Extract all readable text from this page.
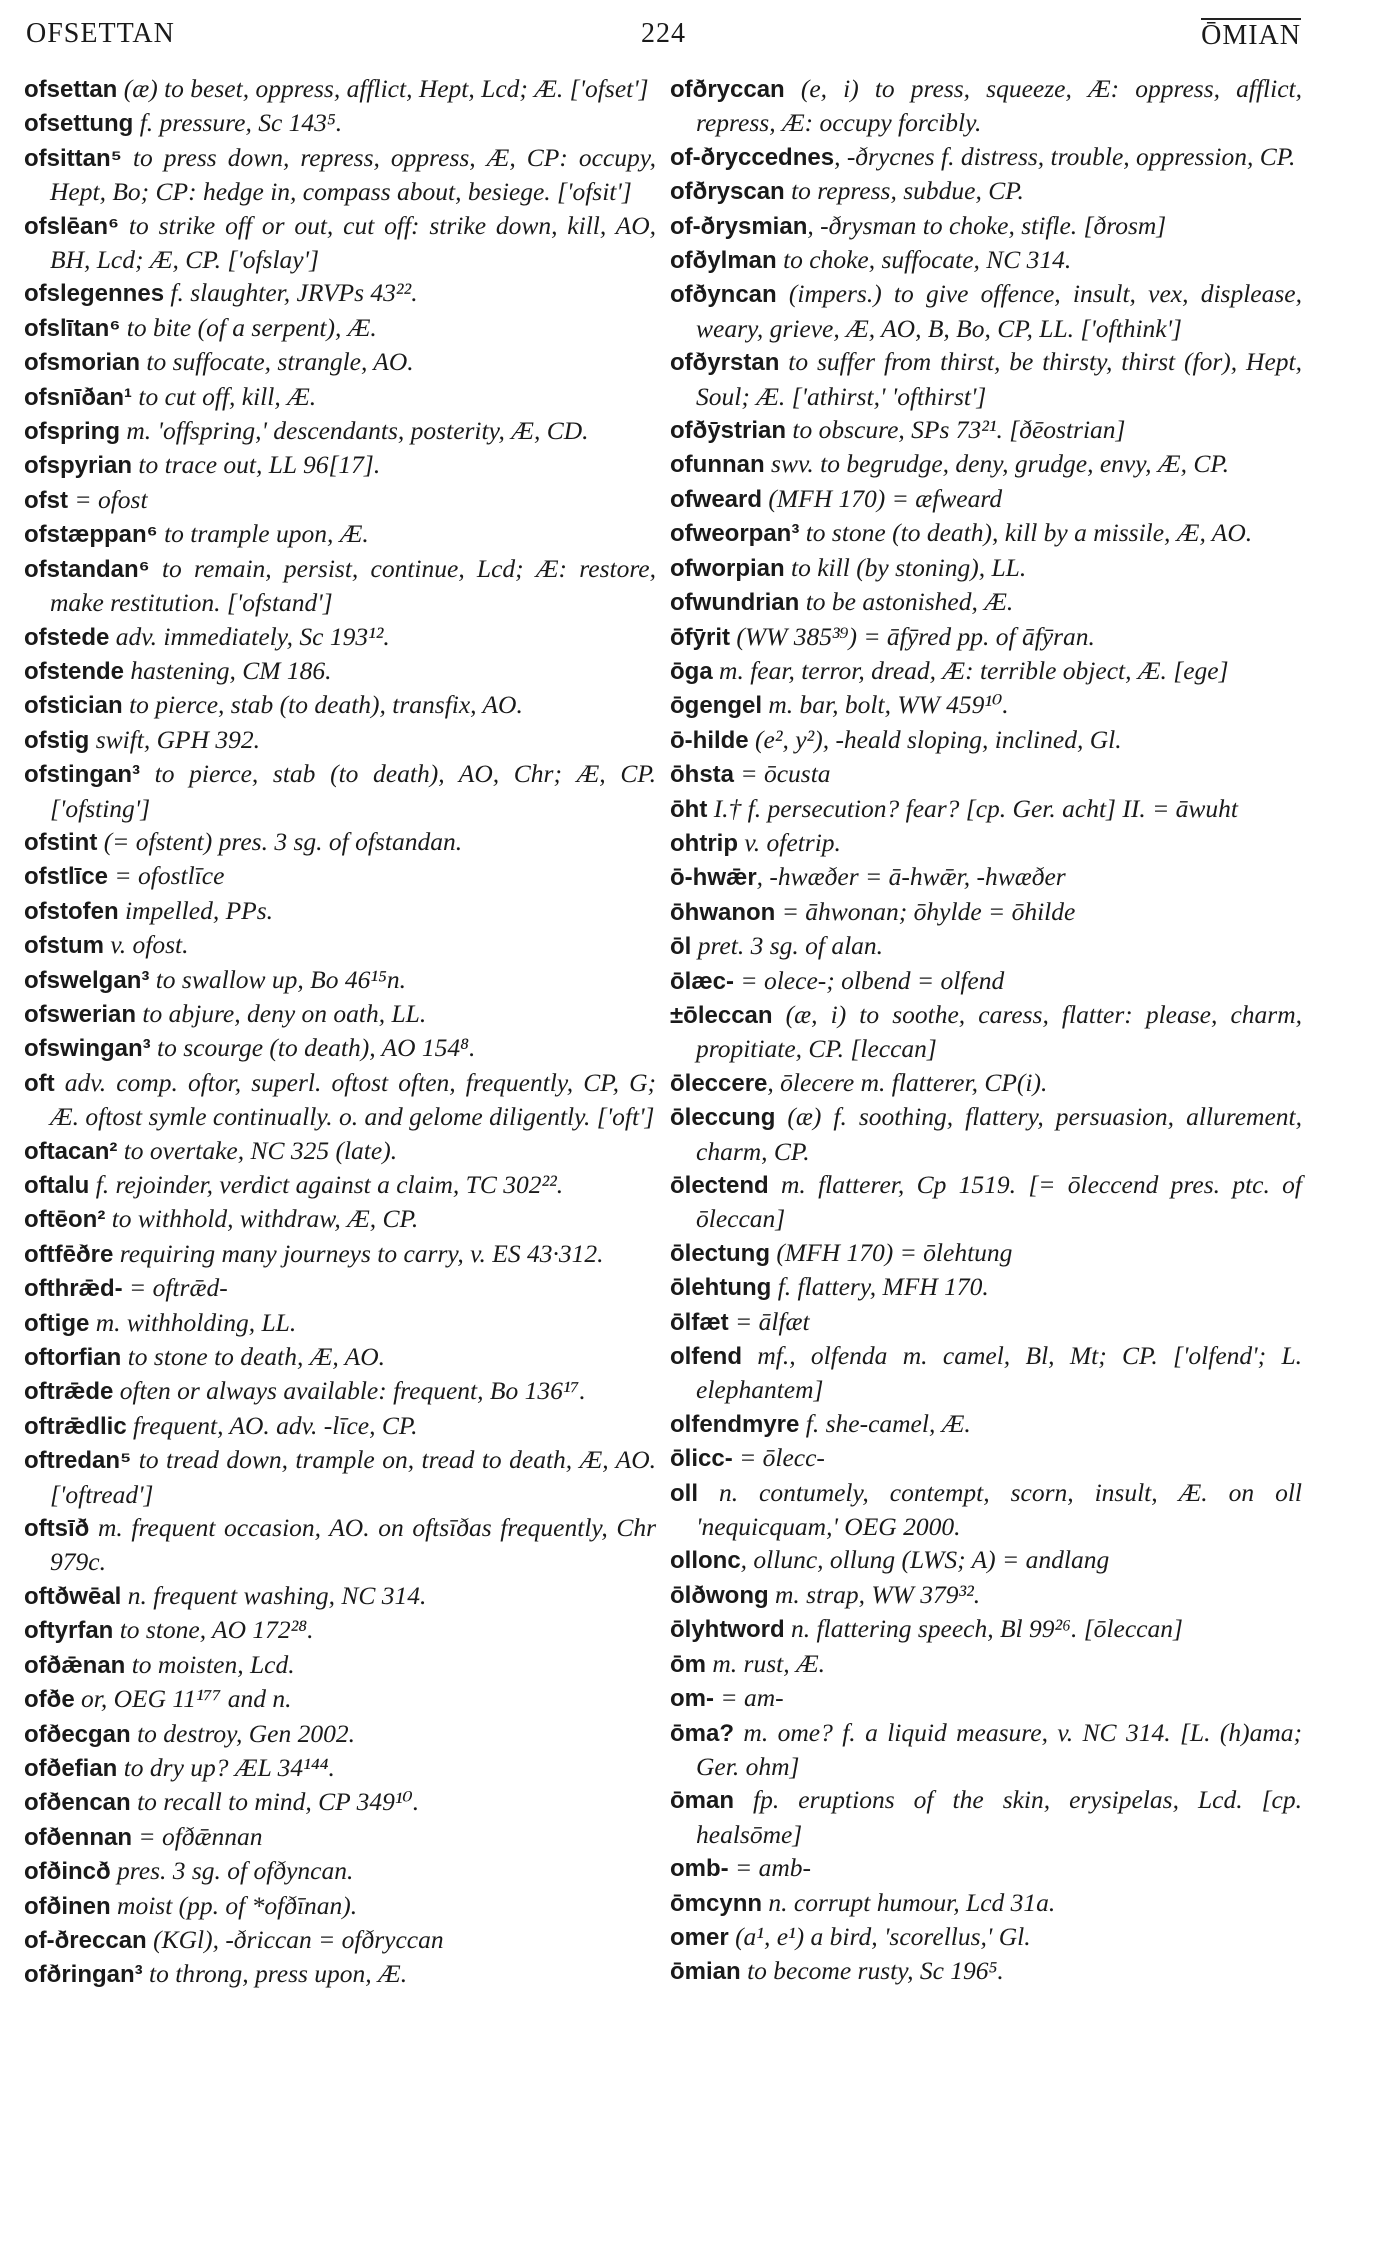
OFSETTAN	224	ŌMIAN
ofsettan (æ) to beset, oppress, afflict, Hept, Lcd; Æ. ['ofset']
ofsettung f. pressure, Sc 143⁵.
ofsittan⁵ to press down, repress, oppress, Æ, CP: occupy, Hept, Bo; CP: hedge in, compass about, besiege. ['ofsit']
ofslēan⁶ to strike off or out, cut off: strike down, kill, AO, BH, Lcd; Æ, CP. ['ofslay']
ofslegennes f. slaughter, JRVPs 43²².
ofslītan⁶ to bite (of a serpent), Æ.
ofsmorian to suffocate, strangle, AO.
ofsnīðan¹ to cut off, kill, Æ.
ofspring m. 'offspring,' descendants, posterity, Æ, CD.
ofspyrian to trace out, LL 96[17].
ofst = ofost
ofstæppan⁶ to trample upon, Æ.
ofstandan⁶ to remain, persist, continue, Lcd; Æ: restore, make restitution. ['ofstand']
ofstede adv. immediately, Sc 193¹².
ofstende hastening, CM 186.
ofstician to pierce, stab (to death), transfix, AO.
ofstig swift, GPH 392.
ofstingan³ to pierce, stab (to death), AO, Chr; Æ, CP. ['ofsting']
ofstint (= ofstent) pres. 3 sg. of ofstandan.
ofstlīce = ofostlīce
ofstofen impelled, PPs.
ofstum v. ofost.
ofswelgan³ to swallow up, Bo 46¹⁵n.
ofswerian to abjure, deny on oath, LL.
ofswingan³ to scourge (to death), AO 154⁸.
oft adv. comp. oftor, superl. oftost often, frequently, CP, G; Æ. oftost symle continually. o. and gelome diligently. ['oft']
oftacan² to overtake, NC 325 (late).
oftalu f. rejoinder, verdict against a claim, TC 302²².
oftēon² to withhold, withdraw, Æ, CP.
oftfēðre requiring many journeys to carry, v. ES 43·312.
ofthrǣd- = oftrǣd-
oftige m. withholding, LL.
oftorfian to stone to death, Æ, AO.
oftrǣde often or always available: frequent, Bo 136¹⁷.
oftrǣdlic frequent, AO. adv. -līce, CP.
oftredan⁵ to tread down, trample on, tread to death, Æ, AO. ['oftread']
oftsīð m. frequent occasion, AO. on oftsīðas frequently, Chr 979c.
oftðwēal n. frequent washing, NC 314.
oftyrfan to stone, AO 172²⁸.
ofðǣnan to moisten, Lcd.
ofðe or, OEG 11¹⁷⁷ and n.
ofðecgan to destroy, Gen 2002.
ofðefian to dry up? ÆL 34¹⁴⁴.
ofðencan to recall to mind, CP 349¹⁰.
ofðennan = ofðǣnnan
ofðincð pres. 3 sg. of ofðyncan.
ofðinen moist (pp. of *ofðīnan).
of-ðreccan (KGl), -ðriccan = ofðryccan
ofðringan³ to throng, press upon, Æ.
ofðryccan (e, i) to press, squeeze, Æ: oppress, afflict, repress, Æ: occupy forcibly.
of-ðryccednes, -ðrycnes f. distress, trouble, oppression, CP.
ofðryscan to repress, subdue, CP.
of-ðrysmian, -ðrysman to choke, stifle. [ðrosm]
ofðylman to choke, suffocate, NC 314.
ofðyncan (impers.) to give offence, insult, vex, displease, weary, grieve, Æ, AO, B, Bo, CP, LL. ['ofthink']
ofðyrstan to suffer from thirst, be thirsty, thirst (for), Hept, Soul; Æ. ['athirst,' 'ofthirst']
ofðȳstrian to obscure, SPs 73²¹. [ðēostrian]
ofunnan swv. to begrudge, deny, grudge, envy, Æ, CP.
ofweard (MFH 170) = æfweard
ofweorpan³ to stone (to death), kill by a missile, Æ, AO.
ofworpian to kill (by stoning), LL.
ofwundrian to be astonished, Æ.
ōfȳrit (WW 385³⁹) = āfȳred pp. of āfȳran.
ōga m. fear, terror, dread, Æ: terrible object, Æ. [ege]
ōgengel m. bar, bolt, WW 459¹⁰.
ō-hilde (e², y²), -heald sloping, inclined, Gl.
ōhsta = ōcusta
ōht I.† f. persecution? fear? [cp. Ger. acht] II. = āwuht
ohtrip v. ofetrip.
ō-hwǣr, -hwæðer = ā-hwǣr, -hwæðer
ōhwanon = āhwonan; ōhylde = ōhilde
ōl pret. 3 sg. of alan.
ōlæc- = olece-; olbend = olfend
±ōleccan (æ, i) to soothe, caress, flatter: please, charm, propitiate, CP. [leccan]
ōleccere, ōlecere m. flatterer, CP(i).
ōleccung (æ) f. soothing, flattery, persuasion, allurement, charm, CP.
ōlectend m. flatterer, Cp 1519. [= ōleccend pres. ptc. of ōleccan]
ōlectung (MFH 170) = ōlehtung
ōlehtung f. flattery, MFH 170.
ōlfæt = ālfæt
olfend mf., olfenda m. camel, Bl, Mt; CP. ['olfend'; L. elephantem]
olfendmyre f. she-camel, Æ.
ōlicc- = ōlecc-
oll n. contumely, contempt, scorn, insult, Æ. on oll 'nequicquam,' OEG 2000.
ollonc, ollunc, ollung (LWS; A) = andlang
ōlðwong m. strap, WW 379³².
ōlyhtword n. flattering speech, Bl 99²⁶. [ōleccan]
ōm m. rust, Æ.
om- = am-
ōma? m. ome? f. a liquid measure, v. NC 314. [L. (h)ama; Ger. ohm]
ōman fp. eruptions of the skin, erysipelas, Lcd. [cp. healsōme]
omb- = amb-
ōmcynn n. corrupt humour, Lcd 31a.
omer (a¹, e¹) a bird, 'scorellus,' Gl.
ōmian to become rusty, Sc 196⁵.
